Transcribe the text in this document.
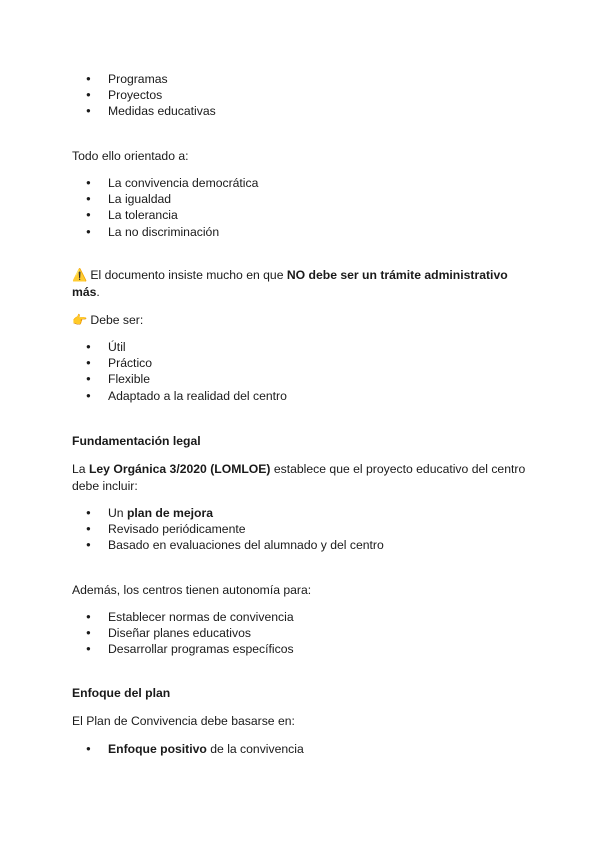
● Programas
● Proyectos
● Medidas educativas

Todo ello orientado a:

● La convivencia democrática
● La igualdad
● La tolerancia
● La no discriminación

⚠️ El documento insiste mucho en que NO debe ser un trámite administrativo

más.

👉 Debe ser:

● Útil
● Práctico
● Flexible
● Adaptado a la realidad del centro

Fundamentación legal

La Ley Orgánica 3/2020 (LOMLOE) establece que el proyecto educativo del centro

debe incluir:

● Un plan de mejora
● Revisado periódicamente
● Basado en evaluaciones del alumnado y del centro

Además, los centros tienen autonomía para:

● Establecer normas de convivencia
● Diseñar planes educativos
● Desarrollar programas específicos

Enfoque del plan

El Plan de Convivencia debe basarse en:

● Enfoque positivo de la convivencia
